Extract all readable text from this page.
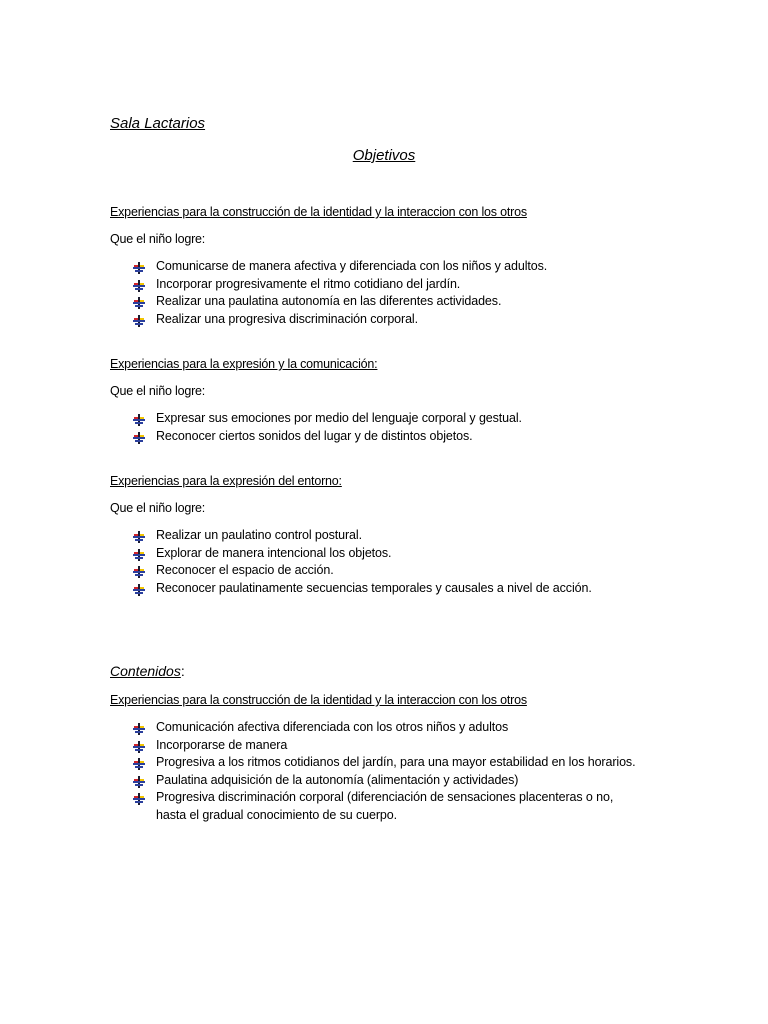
Sala Lactarios
Objetivos
Experiencias para la construcción de la identidad y la interaccion con los otros
Que el niño logre:
Comunicarse de manera afectiva y diferenciada con los niños y adultos.
Incorporar progresivamente el ritmo cotidiano del jardín.
Realizar una paulatina autonomía en las diferentes actividades.
Realizar una progresiva discriminación corporal.
Experiencias para la expresión y la comunicación:
Que el niño logre:
Expresar sus emociones por medio del lenguaje corporal y gestual.
Reconocer ciertos sonidos del lugar y de distintos objetos.
Experiencias para la expresión del entorno:
Que el niño logre:
Realizar un paulatino control postural.
Explorar de manera intencional los objetos.
Reconocer el espacio de acción.
Reconocer paulatinamente secuencias temporales y causales a nivel de acción.
Contenidos:
Experiencias para la construcción de la identidad y la interaccion con los otros
Comunicación afectiva diferenciada con los otros niños y adultos
Incorporarse de manera
Progresiva a los ritmos cotidianos del jardín, para una mayor estabilidad en los horarios.
Paulatina adquisición de la autonomía (alimentación y actividades)
Progresiva discriminación corporal (diferenciación de sensaciones placenteras o no,
hasta el gradual conocimiento de su cuerpo.
